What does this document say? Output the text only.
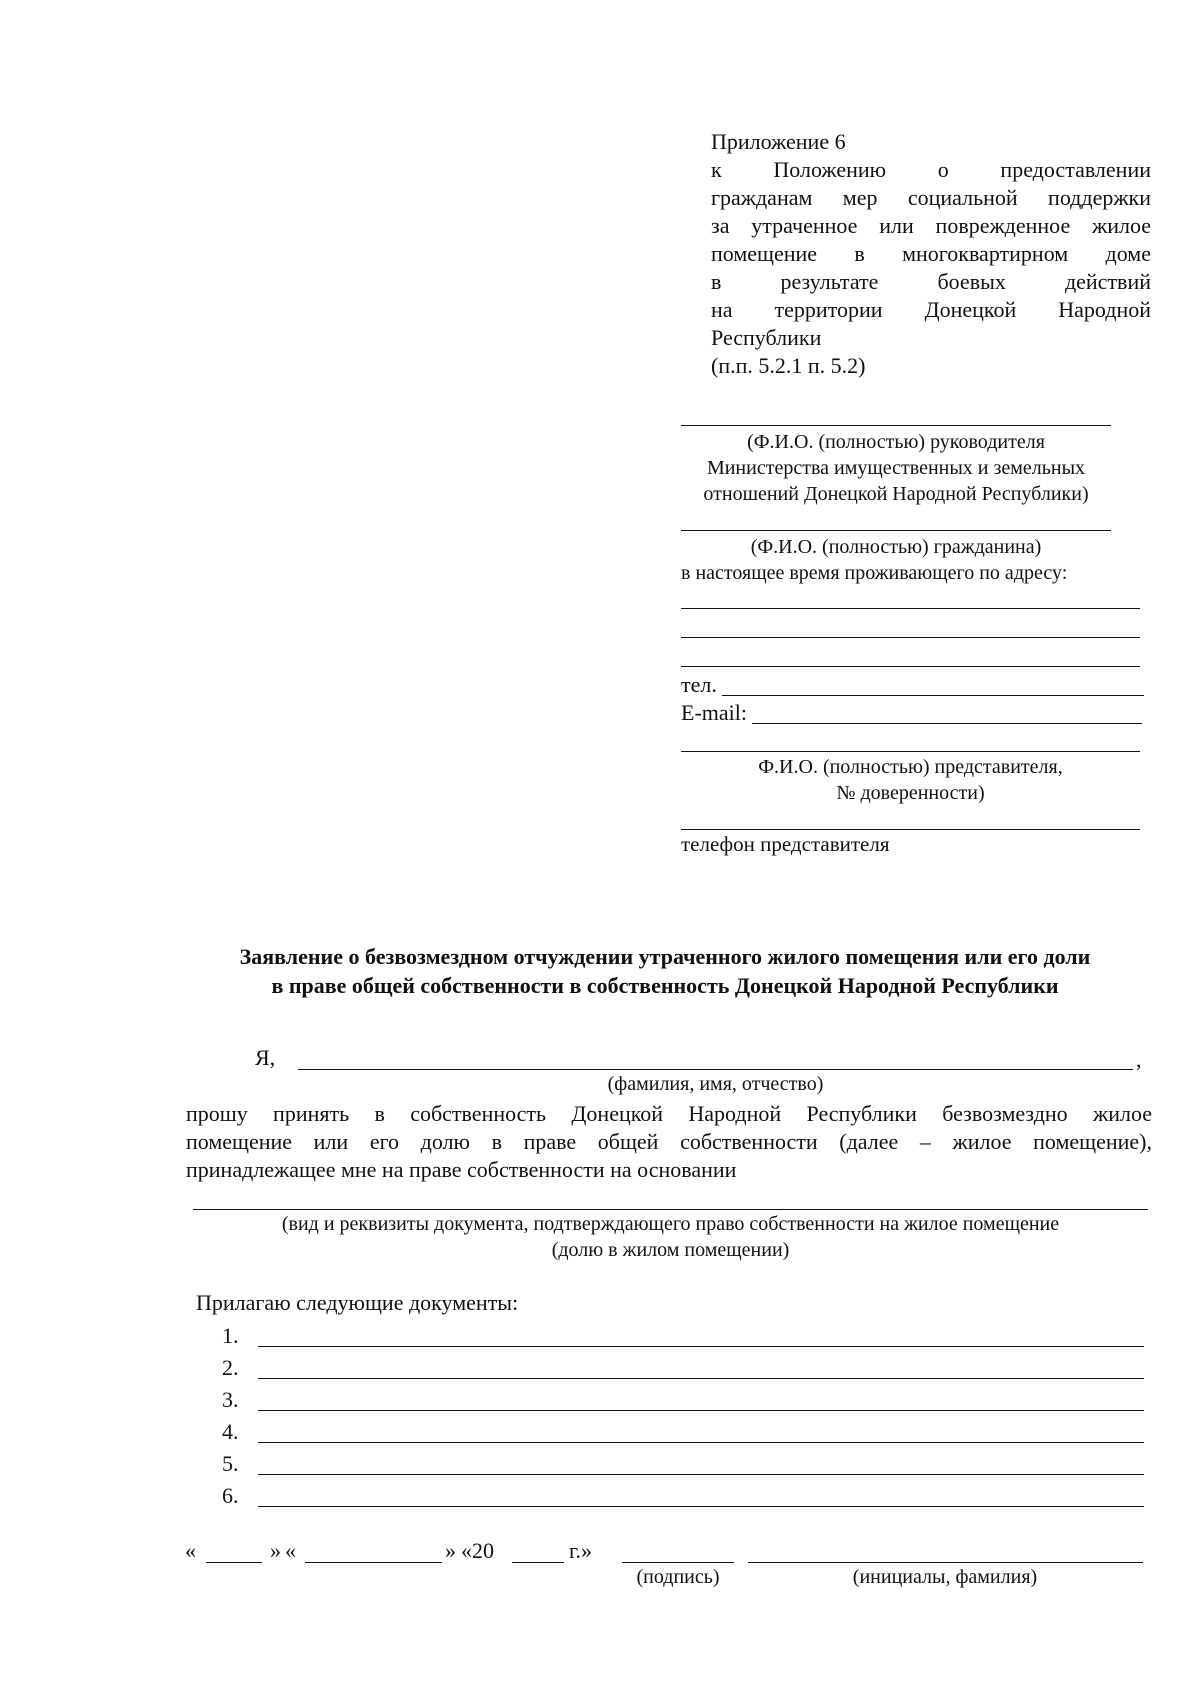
Приложение 6
к Положению о предоставлении
гражданам мер социальной поддержки
за утраченное или поврежденное жилое
помещение в многоквартирном доме
в результате боевых действий
на территории Донецкой Народной
Республики
(п.п. 5.2.1 п. 5.2)
(Ф.И.О. (полностью) руководителя
Министерства имущественных и земельных
отношений Донецкой Народной Республики)
(Ф.И.О. (полностью) гражданина)
в настоящее время проживающего по адресу:
тел.
E-mail:
Ф.И.О. (полностью) представителя,
№ доверенности)
телефон представителя
Заявление о безвозмездном отчуждении утраченного жилого помещения или его доли
в праве общей собственности в собственность Донецкой Народной Республики
Я,	,
(фамилия, имя, отчество)
прошу принять в собственность Донецкой Народной Республики безвозмездно жилое
помещение или его долю в праве общей собственности (далее – жилое помещение),
принадлежащее мне на праве собственности на основании
(вид и реквизиты документа, подтверждающего право собственности на жилое помещение
(долю в жилом помещении)
Прилагаю следующие документы:
1.
2.
3.
4.
5.
6.
«	» «	» «20	г.»
(подпись)	(инициалы, фамилия)
